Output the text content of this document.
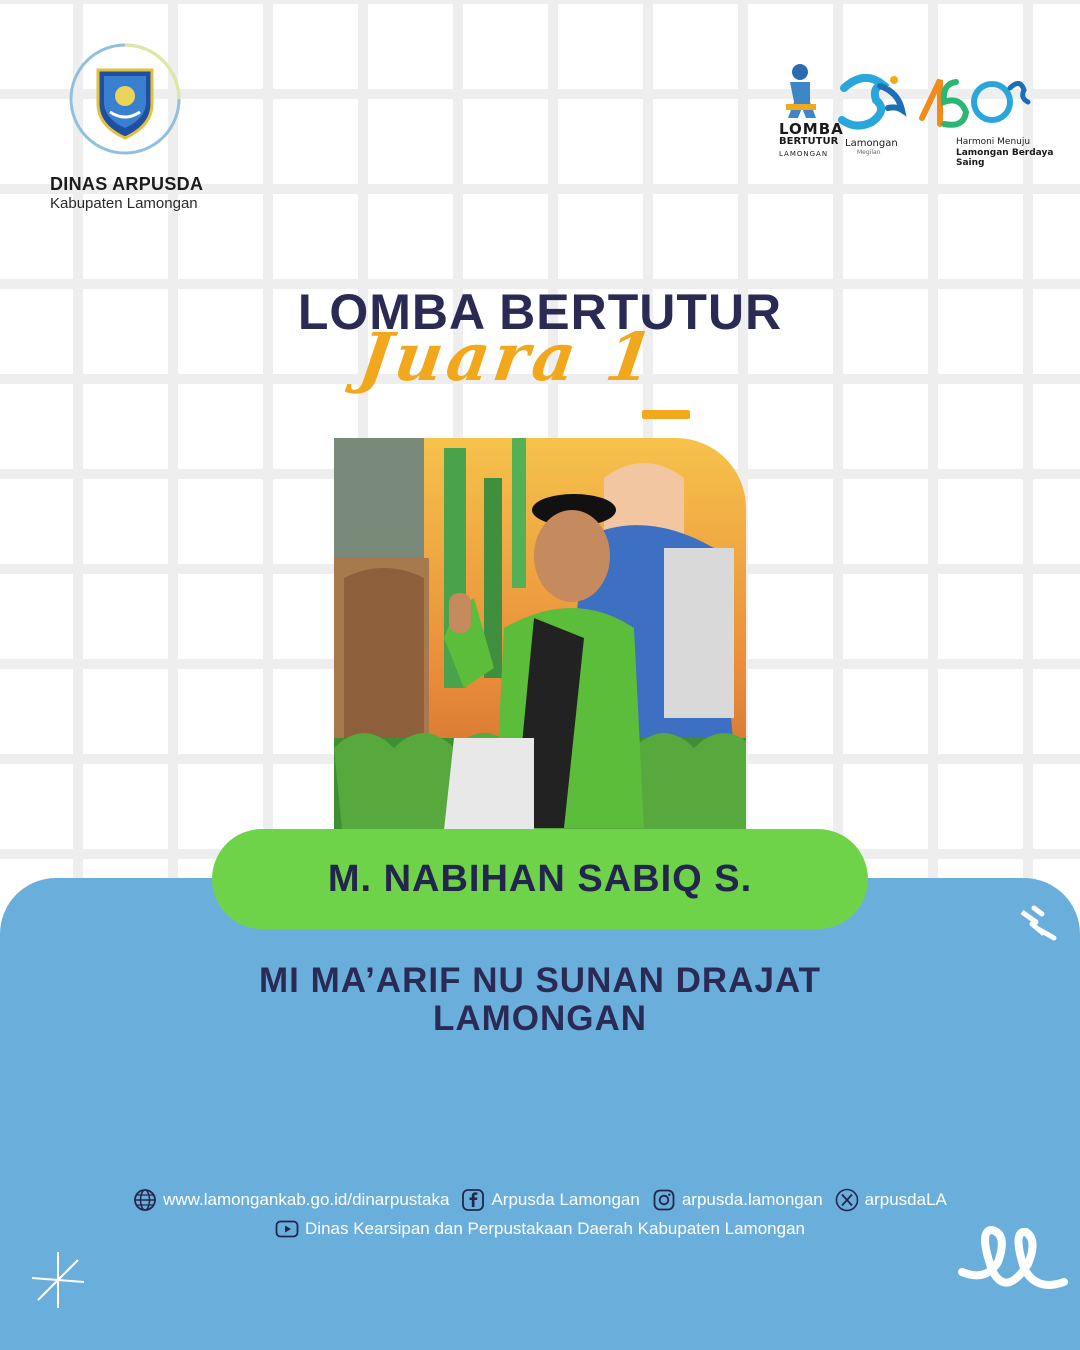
DINAS ARPUSDA
Kabupaten Lamongan
LOMBA
BERTUTUR
LAMONGAN
Lamongan
Megilan
Harmoni Menuju
Lamongan Berdaya Saing
LOMBA BERTUTUR
Juara 1
M. NABIHAN SABIQ S.
MI MA’ARIF NU SUNAN DRAJAT
LAMONGAN
www.lamongankab.go.id/dinarpustaka Arpusda Lamongan arpusda.lamongan arpusdaLA
Dinas Kearsipan dan Perpustakaan Daerah Kabupaten Lamongan
